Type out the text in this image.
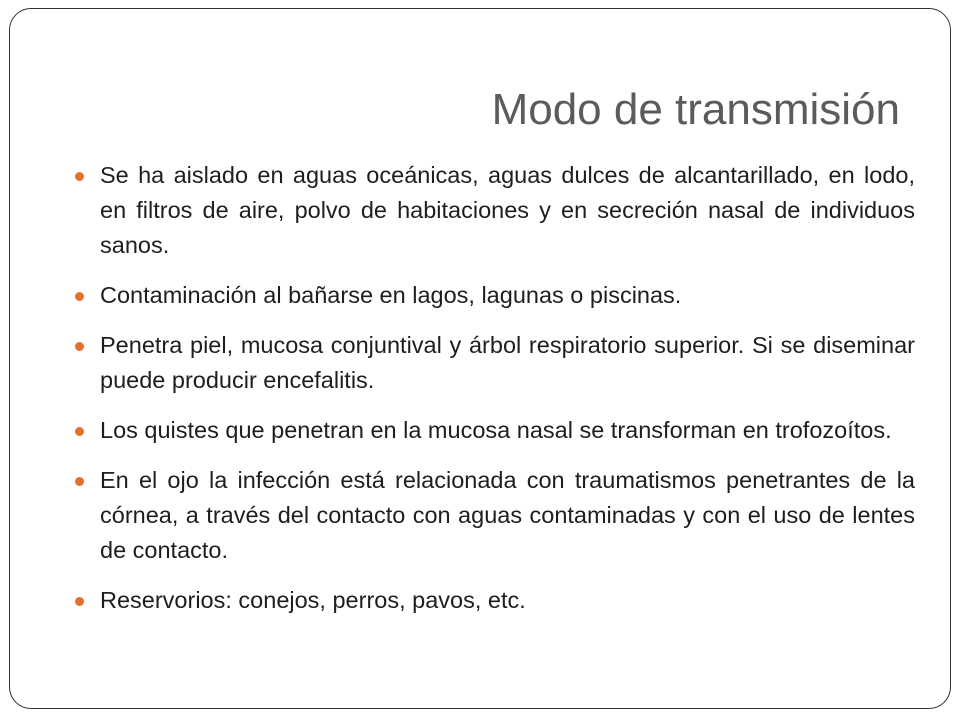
Modo de transmisión
Se ha aislado en aguas oceánicas, aguas dulces de alcantarillado, en lodo, en filtros de aire, polvo de habitaciones y en secreción nasal de individuos sanos.
Contaminación al bañarse en lagos, lagunas o piscinas.
Penetra piel, mucosa conjuntival y árbol respiratorio superior. Si se diseminar puede producir encefalitis.
Los quistes que penetran en la mucosa nasal se transforman en trofozoítos.
En el ojo la infección está relacionada con traumatismos penetrantes de la córnea, a través del contacto con aguas contaminadas y con el uso de lentes de contacto.
Reservorios: conejos, perros, pavos, etc.
